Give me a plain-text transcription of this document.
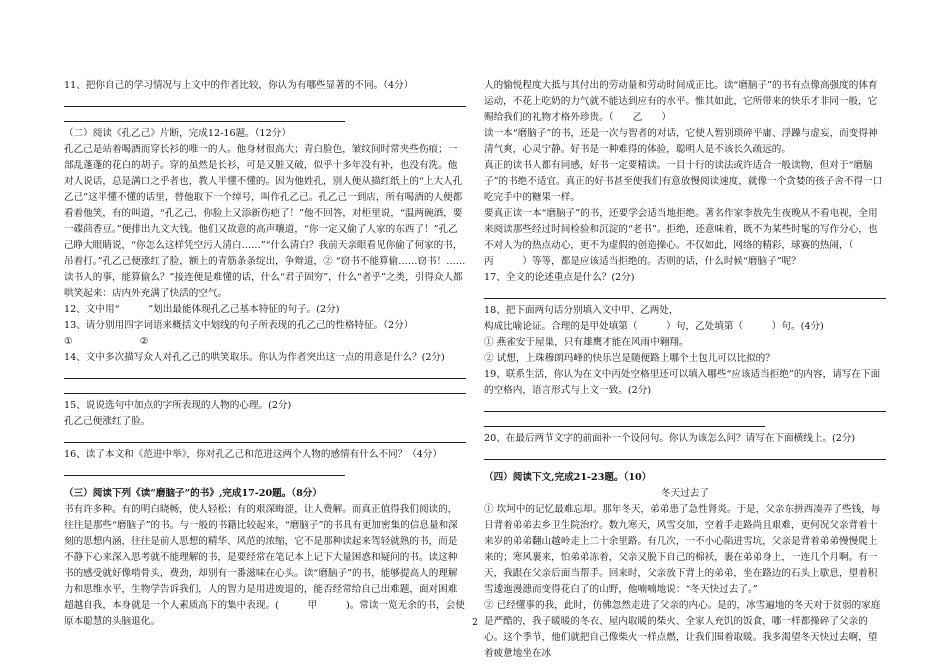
11、把你自己的学习情况与上文中的作者比较，你认为有哪些显著的不同。（4分）

（二）阅读《孔乙己》片断，完成12-16题。（12分）

孔乙己是站着喝酒而穿长衫的唯一的人。他身材很高大；青白脸色，皱纹间时常夹些伤痕；一部乱蓬蓬的花白的胡子。穿的虽然是长衫，可是又脏又破，似乎十多年没有补，也没有洗。他对人说话，总是满口之乎者也，教人半懂不懂的。因为他姓孔，别人便从描红纸上的“上大人孔乙己”这半懂不懂的话里，替他取下一个绰号，叫作孔乙己。孔乙己一到店，所有喝酒的人便都看着他笑，有的叫道，“孔乙己，你脸上又添新伤疤了！”他不回答，对柜里说，“温两碗酒，要一碟茴香豆。”便排出九文大钱。他们又故意的高声嚷道，“你一定又偷了人家的东西了！”孔乙己睁大眼睛说，“你怎么这样凭空污人清白……”“什么清白？我前天亲眼看见你偷了何家的书，吊着打。”孔乙己便涨红了脸，额上的青筋条条绽出，争辩道，② “窃书不能算偷……窃书！……读书人的事，能算偷么？”接连便是难懂的话，什么“君子固穷”，什么“者乎”之类，引得众人都哄笑起来：店内外充满了快活的空气。

12、文中用“　　　”划出最能体现孔乙己基本特征的句子。(2分)

13、请分别用四字词语来概括文中划线的句子所表现的孔乙己的性格特征。（2分）

①　　　　　　　②

14、文中多次描写众人对孔乙己的哄笑取乐。你认为作者突出这一点的用意是什么？(2分)

15、说说选句中加点的字所表现的人物的心理。(2分)

孔乙己便涨红了脸。

16、读了本文和《范进中举》，你对孔乙己和范进这两个人物的感情有什么不同？（4分）

（三）阅读下列《读“磨脑子”的书》,完成17-20题。（8分）

书有许多种。有的明白晓畅，使人轻松；有的艰深晦涩，让人费解。而真正值得我们阅读的，往往是那些“磨脑子”的书。与一般的书籍比较起来，“磨脑子”的书具有更加密集的信息量和深刻的思想内涵，往往是前人思想的精华、风范的浓缩，它不是那种读起来驾轻就熟的书，而是不静下心来深入思考就不能理解的书，是要经常在笔记本上记下大量困惑和疑问的书。读这种书的感受就好像啃骨头，费劲，却别有一番滋味在心头。读“磨脑子”的书，能够提高人的理解力和思维水平，生物学告诉我们，人的智力是用进废退的，能否经常给自己出难题，面对困难超越自我，本身就是一个人素质高下的集中表现。(　　　甲　　　)。常读一览无余的书，会使原本聪慧的头脑退化。

人的愉悦程度大抵与其付出的劳动量和劳动时间成正比。读“磨脑子”的书有点像高强度的体育运动，不花上吃奶的力气就不能达到应有的水平。惟其如此，它所带来的快乐才非同一般，它赐给我们的礼物才格外珍贵。（　　乙　　）

读一本“磨脑子”的书，还是一次与智者的对话，它使人暂别琐碎平庸、浮躁与虚妄，而变得神清气爽，心灵宁静。好书是一种难得的体验，聪明人是不该长久疏远的。

真正的读书人都有同感，好书一定要精读。一目十行的读法或许适合一般读物，但对于“磨脑子”的书绝不适宜。真正的好书甚至使我们有意放慢阅读速度，就像一个贪婪的孩子舍不得一口吃完手中的糖果一样。

要真正读一本“磨脑子”的书，还要学会适当地拒绝。著名作家李敖先生夜晚从不看电视，全用来阅读那些经过时间检验和沉淀的“老书”。拒绝，还意味着，既不为某些时髦的写作分心，也不对人为的热点动心，更不为虚假的创造操心。不仅如此，网络的精彩，球赛的热闹，（　　　　丙　　　）等等，都是应该适当拒绝的。否则的话，什么时候“磨脑子”呢？

17、全文的论述重点是什么？(2分)

18、把下面两句话分别填入文中甲、乙两处，

构成比喻论证。合理的是甲处填第（　　　）句，乙处填第（　　　）句。(4分)

① 燕雀安于屋巢，只有雄鹰才能在风雨中翱翔。

② 试想，上珠穆朗玛峰的快乐岂是随便路上哪个土包儿可以比拟的？

19、联系生活，你认为在文中丙处空格里还可以填入哪些“应该适当拒绝”的内容，请写在下面的空格内，语言形式与上文一致。(2分)

20、在最后两节文字的前面补一个设问句。你认为该怎么问？请写在下面横线上。(2分)

（四）阅读下文,完成21-23题。（10）

冬天过去了

① 坎坷中的记忆最难忘却。那年冬天，弟弟患了急性肾炎。于是，父亲东拼西凑弄了些钱，每日背着弟弟去乡卫生院治疗。数九寒天，风雪交加，空着手走路尚且艰难，更何况父亲背着十来岁的弟弟翻山越岭走上二十余里路。有几次，一不小心陷进雪坑，父亲是背着弟弟慢慢爬上来的；寒风裹来，怕弟弟冻着，父亲又脱下自己的棉袄，裹在弟弟身上，一连几个月啊。有一天，我跟在父亲后面当帮手。回来时，父亲放下背上的弟弟，坐在路边的石头上歇息，望着积雪逶迤漫漶而变得花白了的山野，他喃喃地说：“冬天快过去了。”

② 已经懂事的我，此时，仿佛忽然走进了父亲的内心。是的，冰雪遍地的冬天对于贫弱的家庭是严酷的，我子暖暖的冬衣、屋内取暖的柴火、全家人充饥的饭食，哪一样都操碎了父亲的心。这个季节，他们就把自己像柴火一样点燃，让我们围着取暖。我多渴望冬天快过去啊，望着疲惫地坐在冰

2
